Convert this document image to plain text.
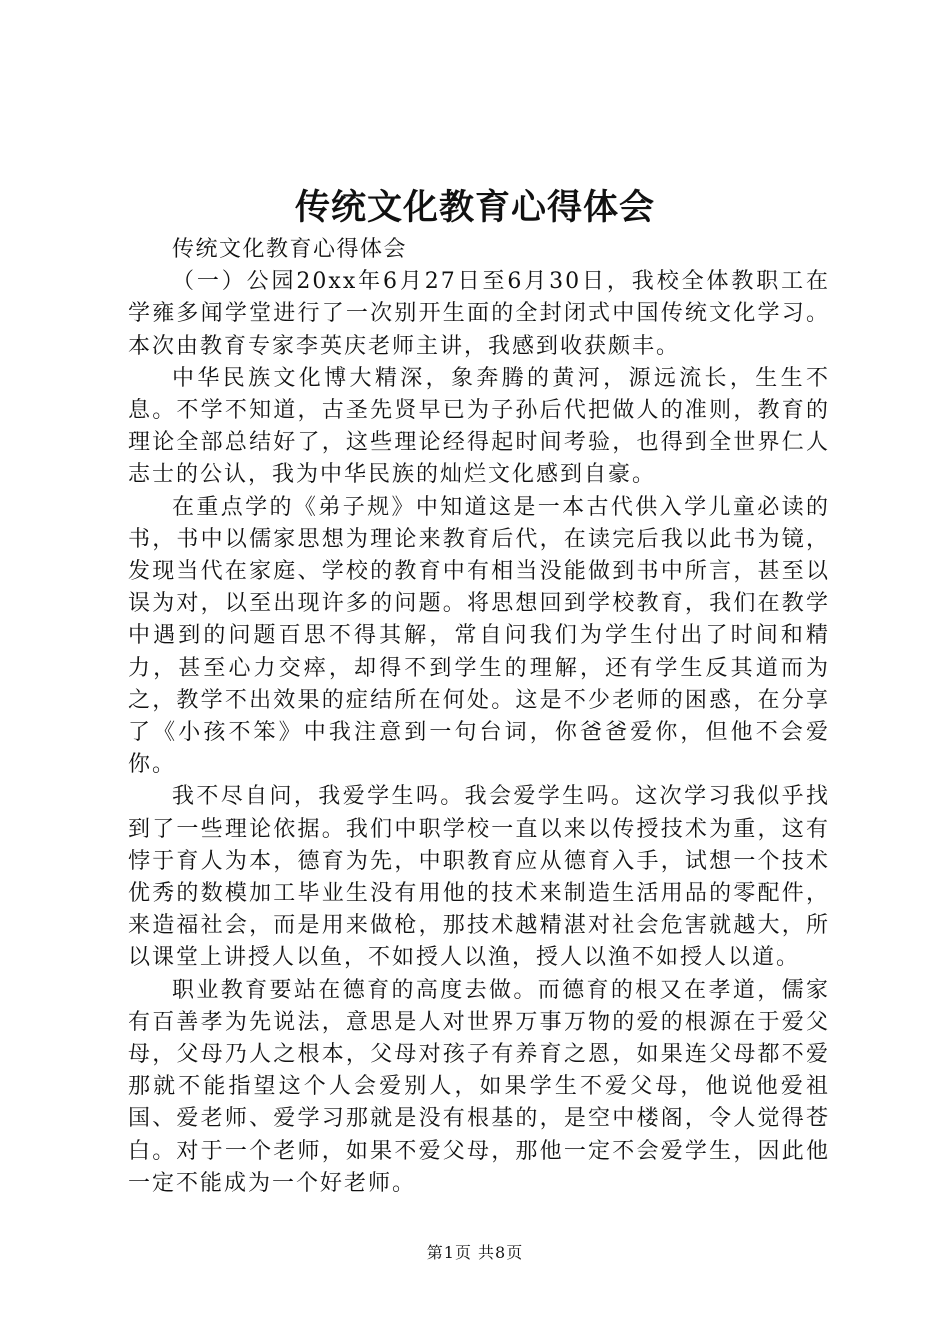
传统文化教育心得体会

传统文化教育心得体会

（一）公园20xx年6月27日至6月30日，我校全体教职工在学雍多闻学堂进行了一次别开生面的全封闭式中国传统文化学习。本次由教育专家李英庆老师主讲，我感到收获颇丰。

中华民族文化博大精深，象奔腾的黄河，源远流长，生生不息。不学不知道，古圣先贤早已为子孙后代把做人的准则，教育的理论全部总结好了，这些理论经得起时间考验，也得到全世界仁人志士的公认，我为中华民族的灿烂文化感到自豪。

在重点学的《弟子规》中知道这是一本古代供入学儿童必读的书，书中以儒家思想为理论来教育后代，在读完后我以此书为镜，发现当代在家庭、学校的教育中有相当没能做到书中所言，甚至以误为对，以至出现许多的问题。将思想回到学校教育，我们在教学中遇到的问题百思不得其解，常自问我们为学生付出了时间和精力，甚至心力交瘁，却得不到学生的理解，还有学生反其道而为之，教学不出效果的症结所在何处。这是不少老师的困惑，在分享了《小孩不笨》中我注意到一句台词，你爸爸爱你，但他不会爱你。

我不尽自问，我爱学生吗。我会爱学生吗。这次学习我似乎找到了一些理论依据。我们中职学校一直以来以传授技术为重，这有悖于育人为本，德育为先，中职教育应从德育入手，试想一个技术优秀的数模加工毕业生没有用他的技术来制造生活用品的零配件，来造福社会，而是用来做枪，那技术越精湛对社会危害就越大，所以课堂上讲授人以鱼，不如授人以渔，授人以渔不如授人以道。

职业教育要站在德育的高度去做。而德育的根又在孝道，儒家有百善孝为先说法，意思是人对世界万事万物的爱的根源在于爱父母，父母乃人之根本，父母对孩子有养育之恩，如果连父母都不爱那就不能指望这个人会爱别人，如果学生不爱父母，他说他爱祖国、爱老师、爱学习那就是没有根基的，是空中楼阁，令人觉得苍白。对于一个老师，如果不爱父母，那他一定不会爱学生，因此他一定不能成为一个好老师。

第1页 共8页
